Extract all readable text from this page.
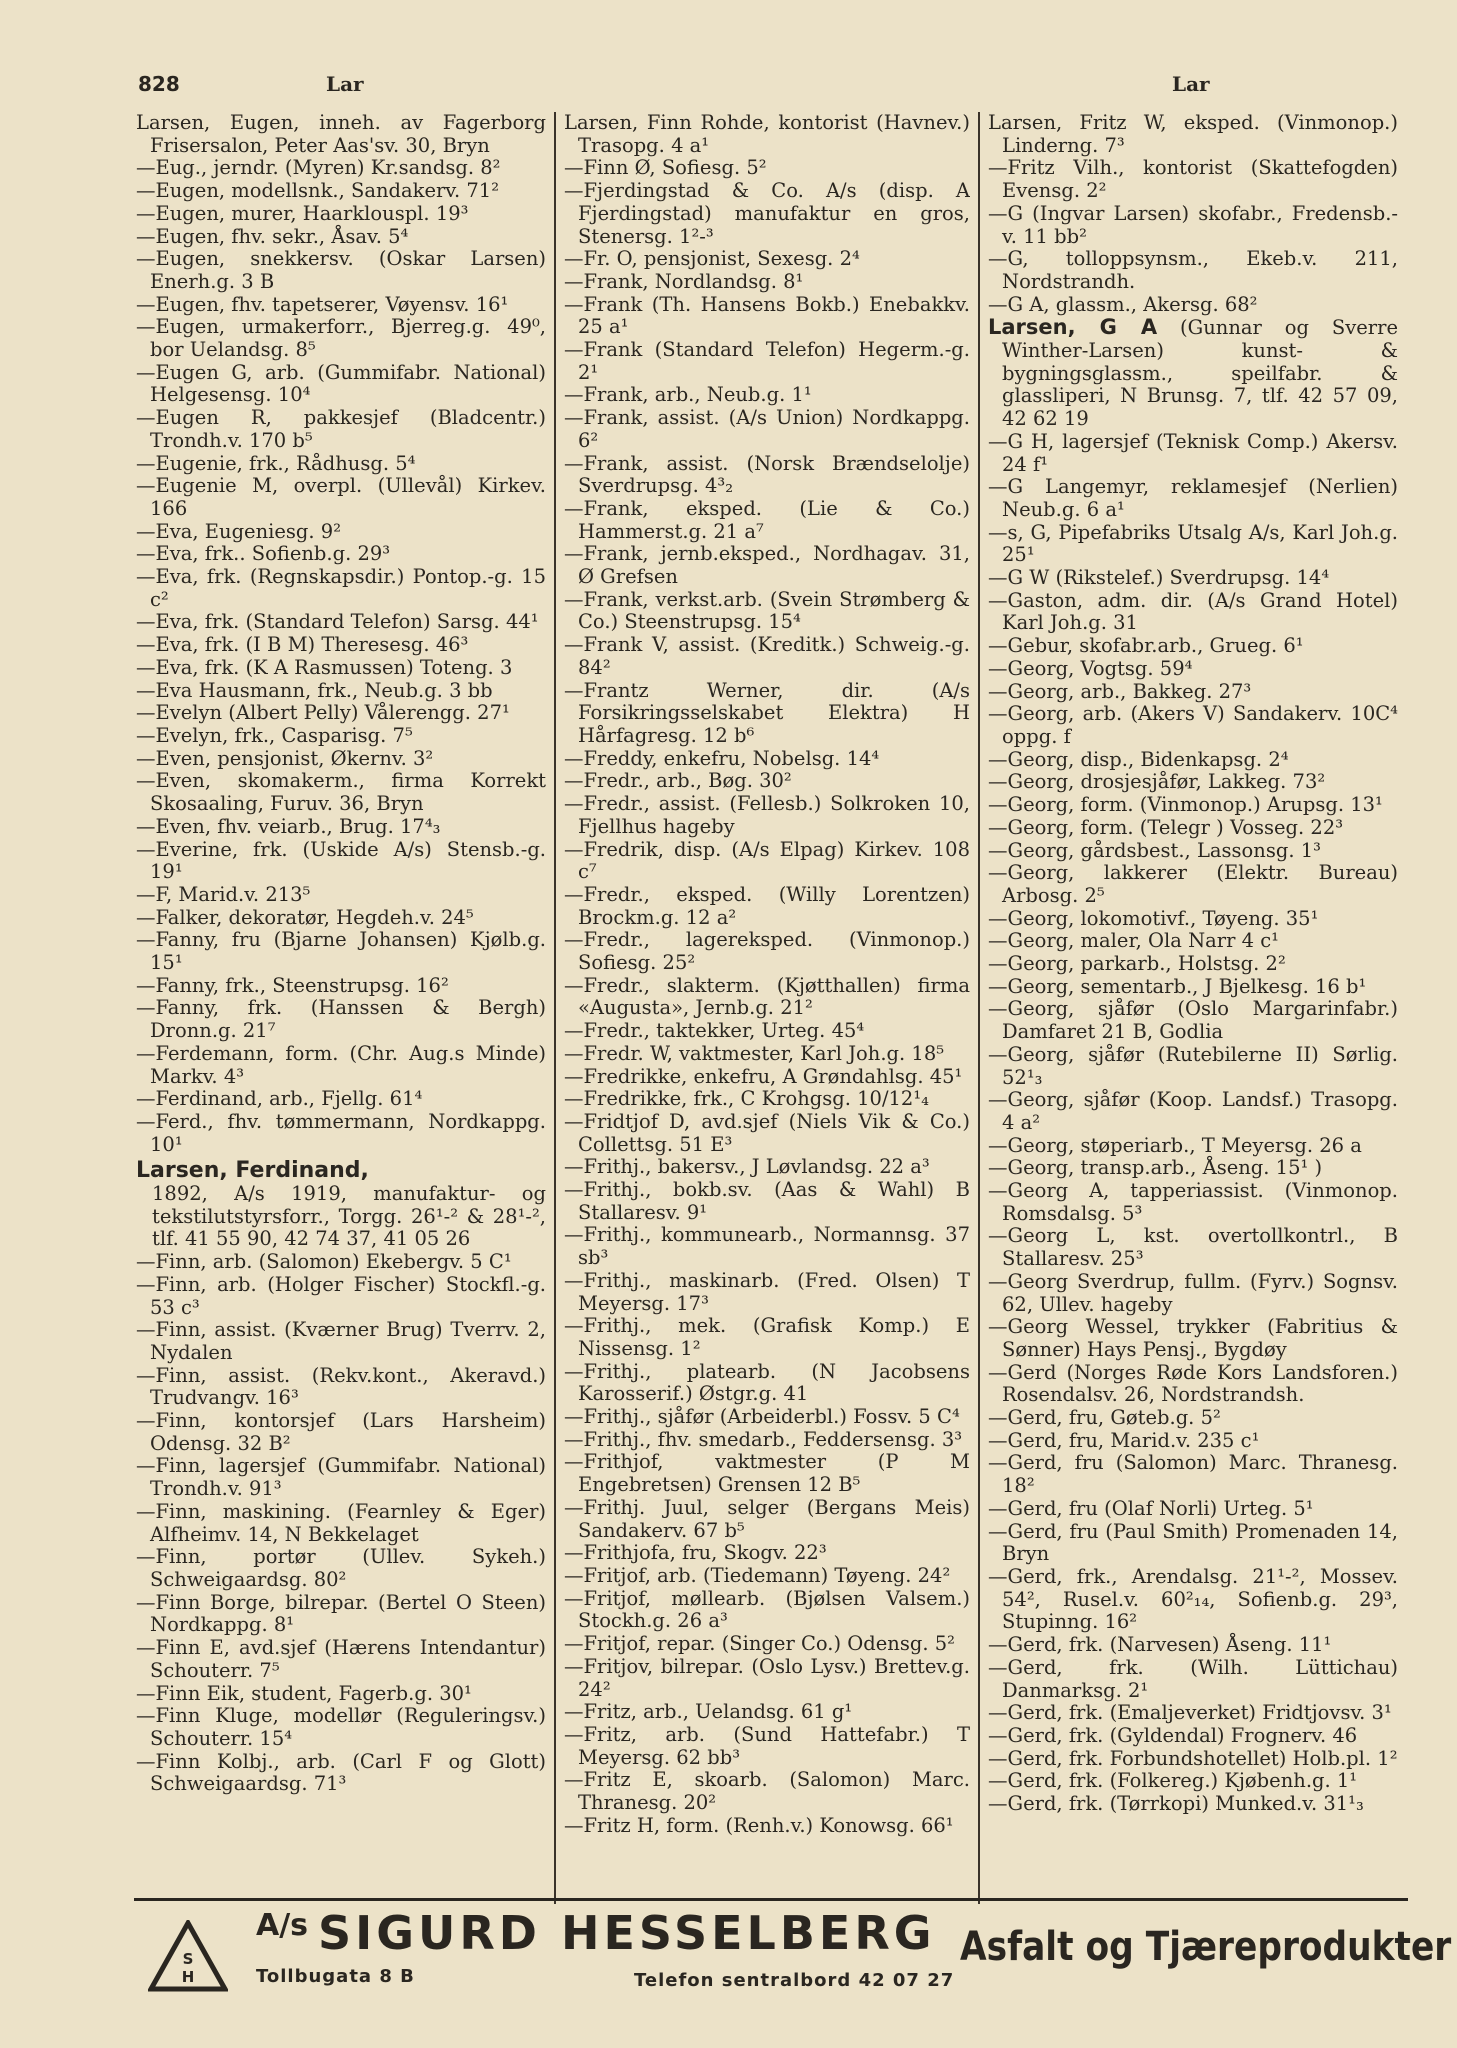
828	Lar	Lar

Larsen, Eugen, inneh. av Fagerborg Frisersalon, Peter Aas'sv. 30, Bryn

—Eug., jerndr. (Myren) Kr.sandsg. 8²

—Eugen, modellsnk., Sandakerv. 71²

—Eugen, murer, Haarklouspl. 19³

—Eugen, fhv. sekr., Åsav. 5⁴

—Eugen, snekkersv. (Oskar Larsen) Enerh.g. 3 B

—Eugen, fhv. tapetserer, Vøyensv. 16¹

—Eugen, urmakerforr., Bjerreg.g. 49⁰, bor Uelandsg. 8⁵

—Eugen G, arb. (Gummifabr. National) Helgesensg. 10⁴

—Eugen R, pakkesjef (Bladcentr.) Trondh.v. 170 b⁵

—Eugenie, frk., Rådhusg. 5⁴

—Eugenie M, overpl. (Ullevål) Kirkev. 166

—Eva, Eugeniesg. 9²

—Eva, frk.. Sofienb.g. 29³

—Eva, frk. (Regnskapsdir.) Pontop.-g. 15 c²

—Eva, frk. (Standard Telefon) Sarsg. 44¹

—Eva, frk. (I B M) Theresesg. 46³

—Eva, frk. (K A Rasmussen) Toteng. 3

—Eva Hausmann, frk., Neub.g. 3 bb

—Evelyn (Albert Pelly) Vålerengg. 27¹

—Evelyn, frk., Casparisg. 7⁵

—Even, pensjonist, Økernv. 3²

—Even, skomakerm., firma Korrekt Skosaaling, Furuv. 36, Bryn

—Even, fhv. veiarb., Brug. 17⁴₃

—Everine, frk. (Uskide A/s) Stensb.-g. 19¹

—F, Marid.v. 213⁵

—Falker, dekoratør, Hegdeh.v. 24⁵

—Fanny, fru (Bjarne Johansen) Kjølb.g. 15¹

—Fanny, frk., Steenstrupsg. 16²

—Fanny, frk. (Hanssen & Bergh) Dronn.g. 21⁷

—Ferdemann, form. (Chr. Aug.s Minde) Markv. 4³

—Ferdinand, arb., Fjellg. 61⁴

—Ferd., fhv. tømmermann, Nordkappg. 10¹

Larsen, Ferdinand,

1892, A/s 1919, manufaktur- og tekstilutstyrsforr., Torgg. 26¹-² & 28¹-², tlf. 41 55 90, 42 74 37, 41 05 26

—Finn, arb. (Salomon) Ekebergv. 5 C¹

—Finn, arb. (Holger Fischer) Stockfl.-g. 53 c³

—Finn, assist. (Kværner Brug) Tverrv. 2, Nydalen

—Finn, assist. (Rekv.kont., Akeravd.) Trudvangv. 16³

—Finn, kontorsjef (Lars Harsheim) Odensg. 32 B²

—Finn, lagersjef (Gummifabr. National) Trondh.v. 91³

—Finn, maskining. (Fearnley & Eger) Alfheimv. 14, N Bekkelaget

—Finn, portør (Ullev. Sykeh.) Schweigaardsg. 80²

—Finn Borge, bilrepar. (Bertel O Steen) Nordkappg. 8¹

—Finn E, avd.sjef (Hærens Intendantur) Schouterr. 7⁵

—Finn Eik, student, Fagerb.g. 30¹

—Finn Kluge, modellør (Reguleringsv.) Schouterr. 15⁴

—Finn Kolbj., arb. (Carl F og Glott) Schweigaardsg. 71³

Larsen, Finn Rohde, kontorist (Havnev.) Trasopg. 4 a¹

—Finn Ø, Sofiesg. 5²

—Fjerdingstad & Co. A/s (disp. A Fjerdingstad) manufaktur en gros, Stenersg. 1²-³

—Fr. O, pensjonist, Sexesg. 2⁴

—Frank, Nordlandsg. 8¹

—Frank (Th. Hansens Bokb.) Enebakkv. 25 a¹

—Frank (Standard Telefon) Hegerm.-g. 2¹

—Frank, arb., Neub.g. 1¹

—Frank, assist. (A/s Union) Nordkappg. 6²

—Frank, assist. (Norsk Brændselolje) Sverdrupsg. 4³₂

—Frank, eksped. (Lie & Co.) Hammerst.g. 21 a⁷

—Frank, jernb.eksped., Nordhagav. 31, Ø Grefsen

—Frank, verkst.arb. (Svein Strømberg & Co.) Steenstrupsg. 15⁴

—Frank V, assist. (Kreditk.) Schweig.-g. 84²

—Frantz Werner, dir. (A/s Forsikringsselskabet Elektra) H Hårfagresg. 12 b⁶

—Freddy, enkefru, Nobelsg. 14⁴

—Fredr., arb., Bøg. 30²

—Fredr., assist. (Fellesb.) Solkroken 10, Fjellhus hageby

—Fredrik, disp. (A/s Elpag) Kirkev. 108 c⁷

—Fredr., eksped. (Willy Lorentzen) Brockm.g. 12 a²

—Fredr., lagereksped. (Vinmonop.) Sofiesg. 25²

—Fredr., slakterm. (Kjøtthallen) firma «Augusta», Jernb.g. 21²

—Fredr., taktekker, Urteg. 45⁴

—Fredr. W, vaktmester, Karl Joh.g. 18⁵

—Fredrikke, enkefru, A Grøndahlsg. 45¹

—Fredrikke, frk., C Krohgsg. 10/12¹₄

—Fridtjof D, avd.sjef (Niels Vik & Co.) Collettsg. 51 E³

—Frithj., bakersv., J Løvlandsg. 22 a³

—Frithj., bokb.sv. (Aas & Wahl) B Stallaresv. 9¹

—Frithj., kommunearb., Normannsg. 37 sb³

—Frithj., maskinarb. (Fred. Olsen) T Meyersg. 17³

—Frithj., mek. (Grafisk Komp.) E Nissensg. 1²

—Frithj., platearb. (N Jacobsens Karosserif.) Østgr.g. 41

—Frithj., sjåfør (Arbeiderbl.) Fossv. 5 C⁴

—Frithj., fhv. smedarb., Feddersensg. 3³

—Frithjof, vaktmester (P M Engebretsen) Grensen 12 B⁵

—Frithj. Juul, selger (Bergans Meis) Sandakerv. 67 b⁵

—Frithjofa, fru, Skogv. 22³

—Fritjof, arb. (Tiedemann) Tøyeng. 24²

—Fritjof, møllearb. (Bjølsen Valsem.) Stockh.g. 26 a³

—Fritjof, repar. (Singer Co.) Odensg. 5²

—Fritjov, bilrepar. (Oslo Lysv.) Brettev.g. 24²

—Fritz, arb., Uelandsg. 61 g¹

—Fritz, arb. (Sund Hattefabr.) T Meyersg. 62 bb³

—Fritz E, skoarb. (Salomon) Marc. Thranesg. 20²

—Fritz H, form. (Renh.v.) Konowsg. 66¹

Larsen, Fritz W, eksped. (Vinmonop.) Linderng. 7³

—Fritz Vilh., kontorist (Skattefogden) Evensg. 2²

—G (Ingvar Larsen) skofabr., Fredensb.-v. 11 bb²

—G, tolloppsynsm., Ekeb.v. 211, Nordstrandh.

—G A, glassm., Akersg. 68²

Larsen, G A (Gunnar og Sverre Winther-Larsen) kunst- & bygningsglassm., speilfabr. & glassliperi, N Brunsg. 7, tlf. 42 57 09, 42 62 19

—G H, lagersjef (Teknisk Comp.) Akersv. 24 f¹

—G Langemyr, reklamesjef (Nerlien) Neub.g. 6 a¹

—s, G, Pipefabriks Utsalg A/s, Karl Joh.g. 25¹

—G W (Rikstelef.) Sverdrupsg. 14⁴

—Gaston, adm. dir. (A/s Grand Hotel) Karl Joh.g. 31

—Gebur, skofabr.arb., Grueg. 6¹

—Georg, Vogtsg. 59⁴

—Georg, arb., Bakkeg. 27³

—Georg, arb. (Akers V) Sandakerv. 10C⁴ oppg. f

—Georg, disp., Bidenkapsg. 2⁴

—Georg, drosjesjåfør, Lakkeg. 73²

—Georg, form. (Vinmonop.) Arupsg. 13¹

—Georg, form. (Telegr ) Vosseg. 22³

—Georg, gårdsbest., Lassonsg. 1³

—Georg, lakkerer (Elektr. Bureau) Arbosg. 2⁵

—Georg, lokomotivf., Tøyeng. 35¹

—Georg, maler, Ola Narr 4 c¹

—Georg, parkarb., Holstsg. 2²

—Georg, sementarb., J Bjelkesg. 16 b¹

—Georg, sjåfør (Oslo Margarinfabr.) Damfaret 21 B, Godlia

—Georg, sjåfør (Rutebilerne II) Sørlig. 52¹₃

—Georg, sjåfør (Koop. Landsf.) Trasopg. 4 a²

—Georg, støperiarb., T Meyersg. 26 a

—Georg, transp.arb., Åseng. 15¹ )

—Georg A, tapperiassist. (Vinmonop. Romsdalsg. 5³

—Georg L, kst. overtollkontrl., B Stallaresv. 25³

—Georg Sverdrup, fullm. (Fyrv.) Sognsv. 62, Ullev. hageby

—Georg Wessel, trykker (Fabritius & Sønner) Hays Pensj., Bygdøy

—Gerd (Norges Røde Kors Landsforen.) Rosendalsv. 26, Nordstrandsh.

—Gerd, fru, Gøteb.g. 5²

—Gerd, fru, Marid.v. 235 c¹

—Gerd, fru (Salomon) Marc. Thranesg. 18²

—Gerd, fru (Olaf Norli) Urteg. 5¹

—Gerd, fru (Paul Smith) Promenaden 14, Bryn

—Gerd, frk., Arendalsg. 21¹-², Mossev. 54², Rusel.v. 60²₁₄, Sofienb.g. 29³, Stupinng. 16²

—Gerd, frk. (Narvesen) Åseng. 11¹

—Gerd, frk. (Wilh. Lüttichau) Danmarksg. 2¹

—Gerd, frk. (Emaljeverket) Fridtjovsv. 3¹

—Gerd, frk. (Gyldendal) Frognerv. 46

—Gerd, frk. Forbundshotellet) Holb.pl. 1²

—Gerd, frk. (Folkereg.) Kjøbenh.g. 1¹

—Gerd, frk. (Tørrkopi) Munked.v. 31¹₃

S
H
$^{A/s}$ SIGURD HESSELBERG
Tollbugata 8 B	Telefon sentralbord 42 07 27
Asfalt og Tjæreprodukter
